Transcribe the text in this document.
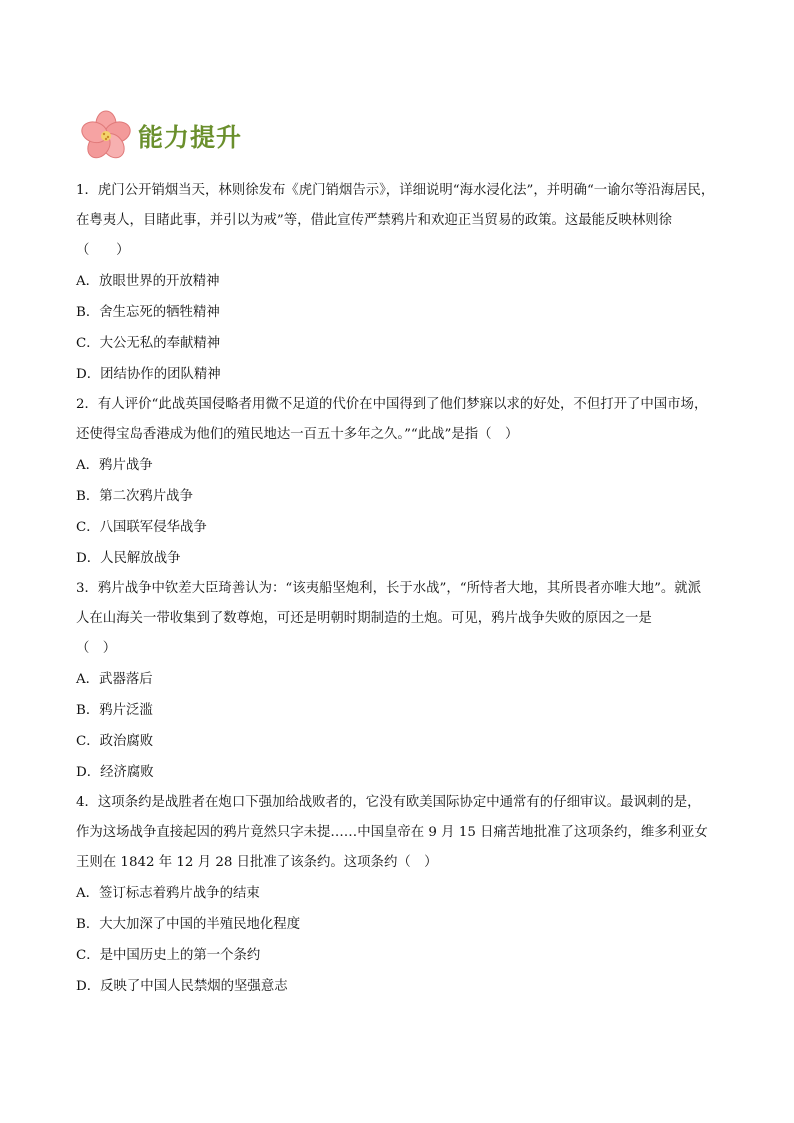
能力提升
1．虎门公开销烟当天，林则徐发布《虎门销烟告示》，详细说明“海水浸化法”，并明确“一谕尔等沿海居民，
在粤夷人，目睹此事，并引以为戒”等，借此宣传严禁鸦片和欢迎正当贸易的政策。这最能反映林则徐
（　　）
A．放眼世界的开放精神
B．舍生忘死的牺牲精神
C．大公无私的奉献精神
D．团结协作的团队精神
2．有人评价“此战英国侵略者用微不足道的代价在中国得到了他们梦寐以求的好处，不但打开了中国市场，
还使得宝岛香港成为他们的殖民地达一百五十多年之久。”“此战”是指（　）
A．鸦片战争
B．第二次鸦片战争
C．八国联军侵华战争
D．人民解放战争
3．鸦片战争中钦差大臣琦善认为：“该夷船坚炮利，长于水战”，“所恃者大地，其所畏者亦唯大地”。就派
人在山海关一带收集到了数尊炮，可还是明朝时期制造的土炮。可见，鸦片战争失败的原因之一是
（　）
A．武器落后
B．鸦片泛滥
C．政治腐败
D．经济腐败
4．这项条约是战胜者在炮口下强加给战败者的，它没有欧美国际协定中通常有的仔细审议。最讽刺的是，
作为这场战争直接起因的鸦片竟然只字未提……中国皇帝在 9 月 15 日痛苦地批准了这项条约，维多利亚女
王则在 1842 年 12 月 28 日批准了该条约。这项条约（　）
A．签订标志着鸦片战争的结束
B．大大加深了中国的半殖民地化程度
C．是中国历史上的第一个条约
D．反映了中国人民禁烟的坚强意志
